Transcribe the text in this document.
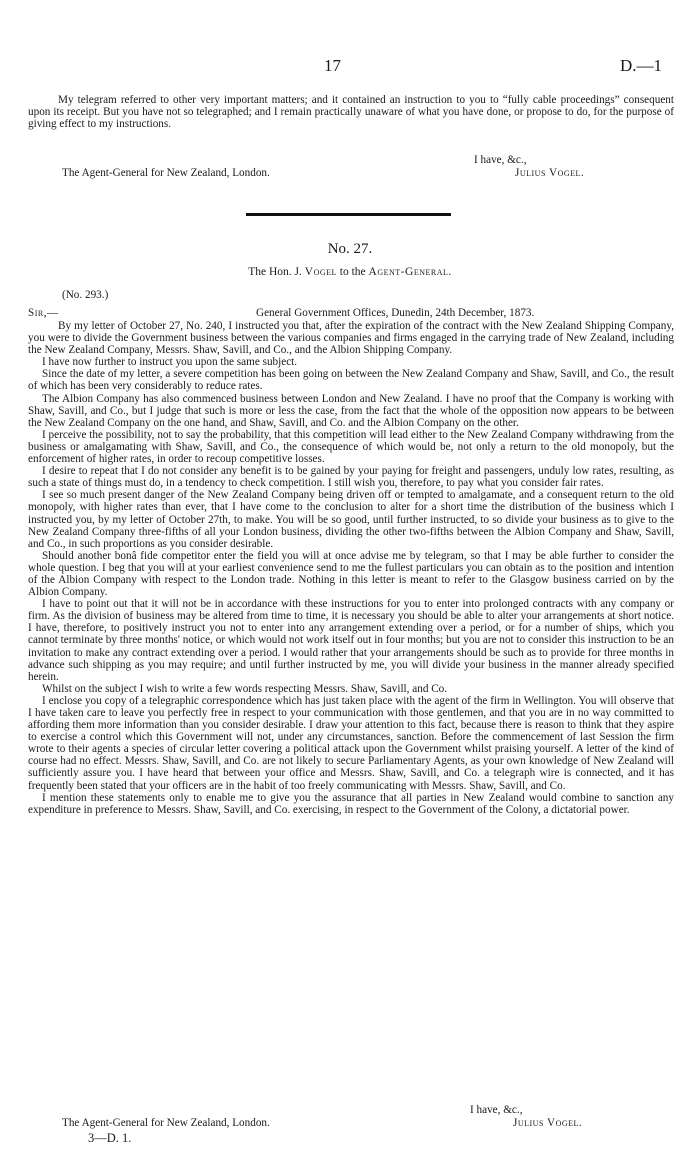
17	D.—1

My telegram referred to other very important matters; and it contained an instruction to you to “fully cable proceedings” consequent upon its receipt. But you have not so telegraphed; and I remain practically unaware of what you have done, or propose to do, for the purpose of giving effect to my instructions.

I have, &c.,
Julius Vogel.
The Agent-General for New Zealand, London.
No. 27.
The Hon. J. Vogel to the Agent-General.
(No. 293.)
Sir,—	General Government Offices, Dunedin, 24th December, 1873.

By my letter of October 27, No. 240, I instructed you that, after the expiration of the contract with the New Zealand Shipping Company, you were to divide the Government business between the various companies and firms engaged in the carrying trade of New Zealand, including the New Zealand Company, Messrs. Shaw, Savill, and Co., and the Albion Shipping Company.

I have now further to instruct you upon the same subject.

Since the date of my letter, a severe competition has been going on between the New Zealand Company and Shaw, Savill, and Co., the result of which has been very considerably to reduce rates.

The Albion Company has also commenced business between London and New Zealand. I have no proof that the Company is working with Shaw, Savill, and Co., but I judge that such is more or less the case, from the fact that the whole of the opposition now appears to be between the New Zealand Company on the one hand, and Shaw, Savill, and Co. and the Albion Company on the other.

I perceive the possibility, not to say the probability, that this competition will lead either to the New Zealand Company withdrawing from the business or amalgamating with Shaw, Savill, and Co., the consequence of which would be, not only a return to the old monopoly, but the enforcement of higher rates, in order to recoup competitive losses.

I desire to repeat that I do not consider any benefit is to be gained by your paying for freight and passengers, unduly low rates, resulting, as such a state of things must do, in a tendency to check competition. I still wish you, therefore, to pay what you consider fair rates.

I see so much present danger of the New Zealand Company being driven off or tempted to amalgamate, and a consequent return to the old monopoly, with higher rates than ever, that I have come to the conclusion to alter for a short time the distribution of the business which I instructed you, by my letter of October 27th, to make. You will be so good, until further instructed, to so divide your business as to give to the New Zealand Company three-fifths of all your London business, dividing the other two-fifths between the Albion Company and Shaw, Savill, and Co., in such proportions as you consider desirable.

Should another bonâ fide competitor enter the field you will at once advise me by telegram, so that I may be able further to consider the whole question. I beg that you will at your earliest convenience send to me the fullest particulars you can obtain as to the position and intention of the Albion Company with respect to the London trade. Nothing in this letter is meant to refer to the Glasgow business carried on by the Albion Company.

I have to point out that it will not be in accordance with these instructions for you to enter into prolonged contracts with any company or firm. As the division of business may be altered from time to time, it is necessary you should be able to alter your arrangements at short notice. I have, therefore, to positively instruct you not to enter into any arrangement extending over a period, or for a number of ships, which you cannot terminate by three months' notice, or which would not work itself out in four months; but you are not to consider this instruction to be an invitation to make any contract extending over a period. I would rather that your arrangements should be such as to provide for three months in advance such shipping as you may require; and until further instructed by me, you will divide your business in the manner already specified herein.

Whilst on the subject I wish to write a few words respecting Messrs. Shaw, Savill, and Co.

I enclose you copy of a telegraphic correspondence which has just taken place with the agent of the firm in Wellington. You will observe that I have taken care to leave you perfectly free in respect to your communication with those gentlemen, and that you are in no way committed to affording them more information than you consider desirable. I draw your attention to this fact, because there is reason to think that they aspire to exercise a control which this Government will not, under any circumstances, sanction. Before the commencement of last Session the firm wrote to their agents a species of circular letter covering a political attack upon the Government whilst praising yourself. A letter of the kind of course had no effect. Messrs. Shaw, Savill, and Co. are not likely to secure Parliamentary Agents, as your own knowledge of New Zealand will sufficiently assure you. I have heard that between your office and Messrs. Shaw, Savill, and Co. a telegraph wire is connected, and it has frequently been stated that your officers are in the habit of too freely communicating with Messrs. Shaw, Savill, and Co.

I mention these statements only to enable me to give you the assurance that all parties in New Zealand would combine to sanction any expenditure in preference to Messrs. Shaw, Savill, and Co. exercising, in respect to the Government of the Colony, a dictatorial power.

I have, &c.,
Julius Vogel.
The Agent-General for New Zealand, London.
3—D. 1.
